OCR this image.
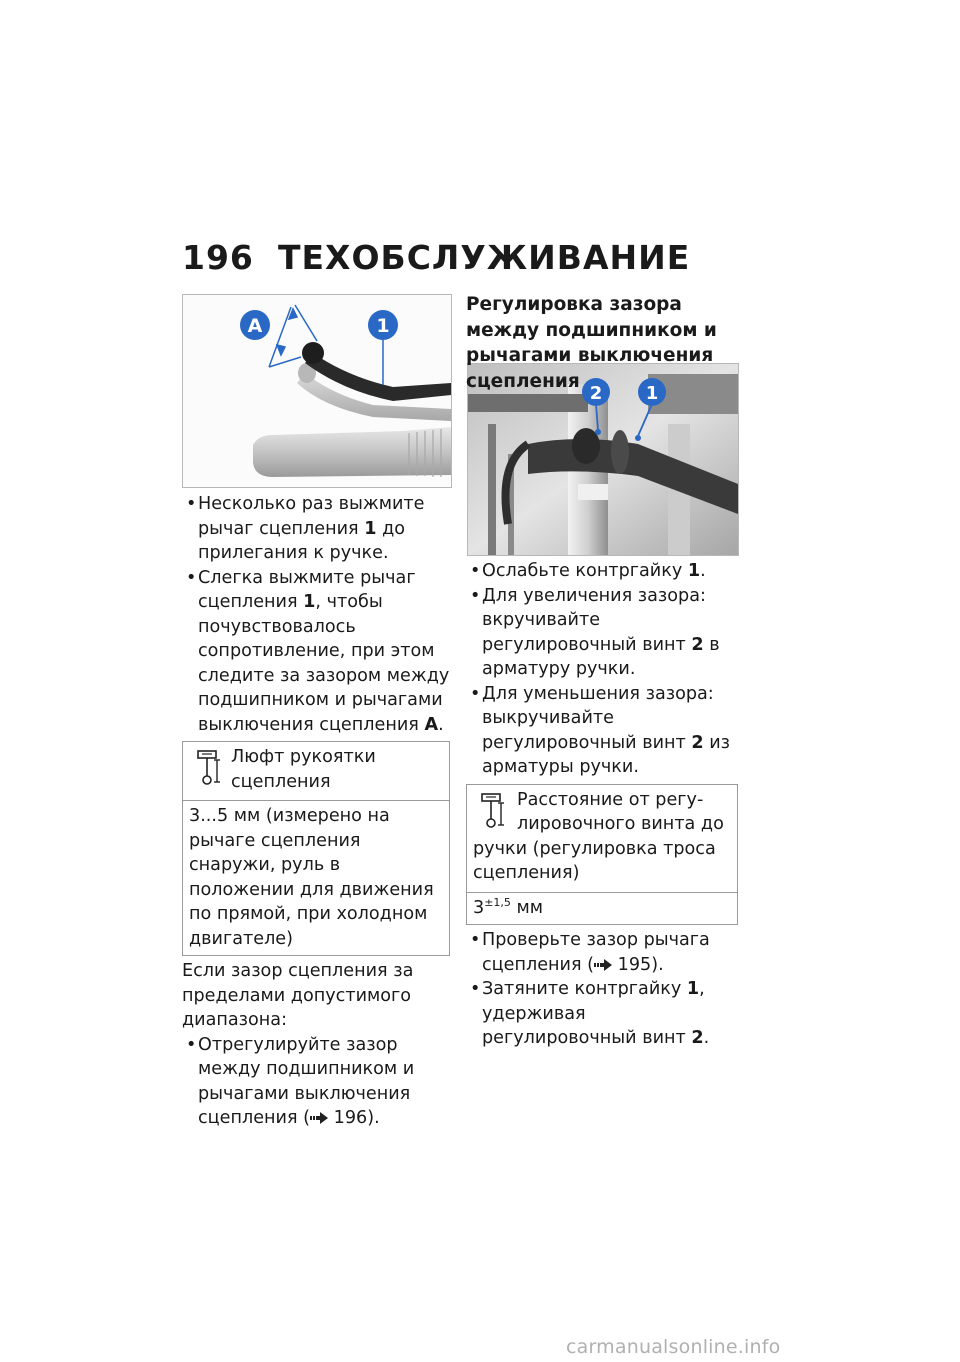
196 ТЕХОБСЛУЖИВАНИЕ
A	1
2 1

• Несколько раз выжмите рычаг сцепления 1 до прилегания к ручке.

• Слегка выжмите рычаг сцепления 1, чтобы почувствовалось сопротивление, при этом следите за зазором между подшипником и рычагами выключения сцепления A.

Люфт рукоятки сцепления
3...5 мм (измерено на рычаге сцепления снаружи, руль в положении для движения по прямой, при холодном двигателе)

Если зазор сцепления за пределами допустимого диапазона:

• Отрегулируйте зазор между подшипником и рычагами выключения сцепления ( 196).

Регулировка зазора между подшипником и рычагами выключения сцепления

• Ослабьте контргайку 1.

• Для увеличения зазора: вкручивайте регулировочный винт 2 в арматуру ручки.

• Для уменьшения зазора: выкручивайте регулировочный винт 2 из арматуры ручки.

Расстояние от регулировочного винта до ручки (регулировка троса сцепления)
$3^{\pm 1,5}$ мм

• Проверьте зазор рычага сцепления ( 195).

• Затяните контргайку 1, удерживая регулировочный винт 2.

carmanualsonline.info
